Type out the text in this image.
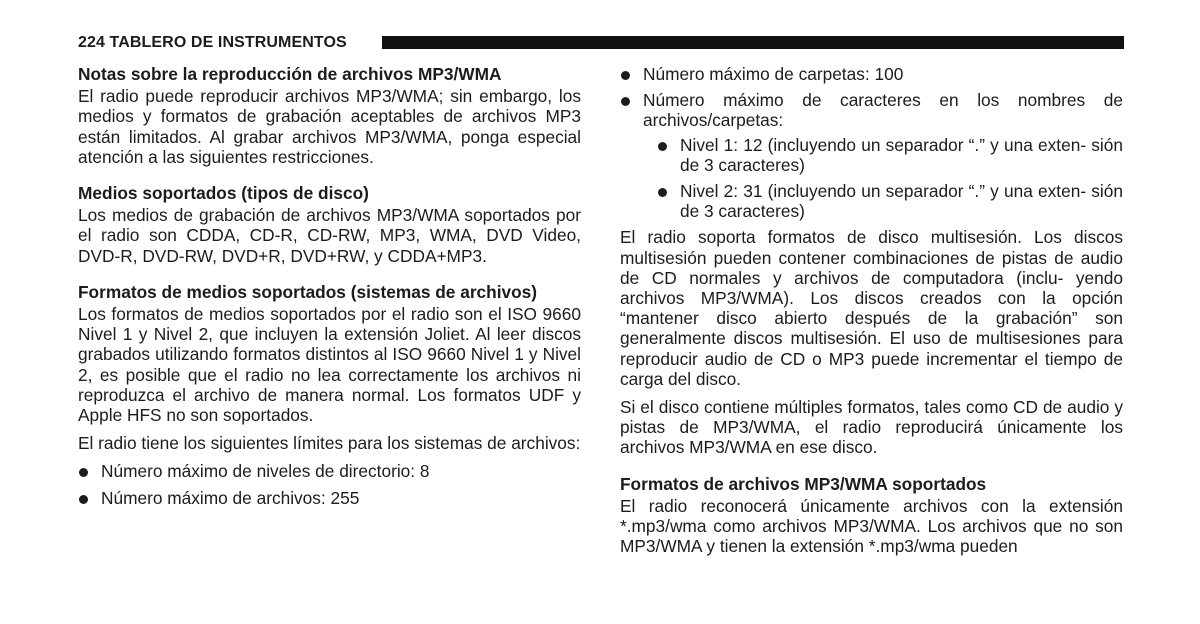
224 TABLERO DE INSTRUMENTOS
Notas sobre la reproducción de archivos MP3/WMA

El radio puede reproducir archivos MP3/WMA; sin embargo, los medios y formatos de grabación aceptables de archivos MP3 están limitados. Al grabar archivos MP3/WMA, ponga especial atención a las siguientes restricciones.

Medios soportados (tipos de disco)

Los medios de grabación de archivos MP3/WMA soportados por el radio son CDDA, CD-R, CD-RW, MP3, WMA, DVD Video, DVD-R, DVD-RW, DVD+R, DVD+RW, y CDDA+MP3.

Formatos de medios soportados (sistemas de archivos)

Los formatos de medios soportados por el radio son el ISO 9660 Nivel 1 y Nivel 2, que incluyen la extensión Joliet. Al leer discos grabados utilizando formatos distintos al ISO 9660 Nivel 1 y Nivel 2, es posible que el radio no lea correctamente los archivos ni reproduzca el archivo de manera normal. Los formatos UDF y Apple HFS no son soportados.

El radio tiene los siguientes límites para los sistemas de archivos:

Número máximo de niveles de directorio: 8
Número máximo de archivos: 255
Número máximo de carpetas: 100
Número máximo de caracteres en los nombres de archivos/carpetas:
Nivel 1: 12 (incluyendo un separador “.” y una exten- sión de 3 caracteres)
Nivel 2: 31 (incluyendo un separador “.” y una exten- sión de 3 caracteres)

El radio soporta formatos de disco multisesión. Los discos multisesión pueden contener combinaciones de pistas de audio de CD normales y archivos de computadora (inclu- yendo archivos MP3/WMA). Los discos creados con la opción “mantener disco abierto después de la grabación” son generalmente discos multisesión. El uso de multisesiones para reproducir audio de CD o MP3 puede incrementar el tiempo de carga del disco.

Si el disco contiene múltiples formatos, tales como CD de audio y pistas de MP3/WMA, el radio reproducirá únicamente los archivos MP3/WMA en ese disco.

Formatos de archivos MP3/WMA soportados

El radio reconocerá únicamente archivos con la extensión *.mp3/wma como archivos MP3/WMA. Los archivos que no son MP3/WMA y tienen la extensión *.mp3/wma pueden
